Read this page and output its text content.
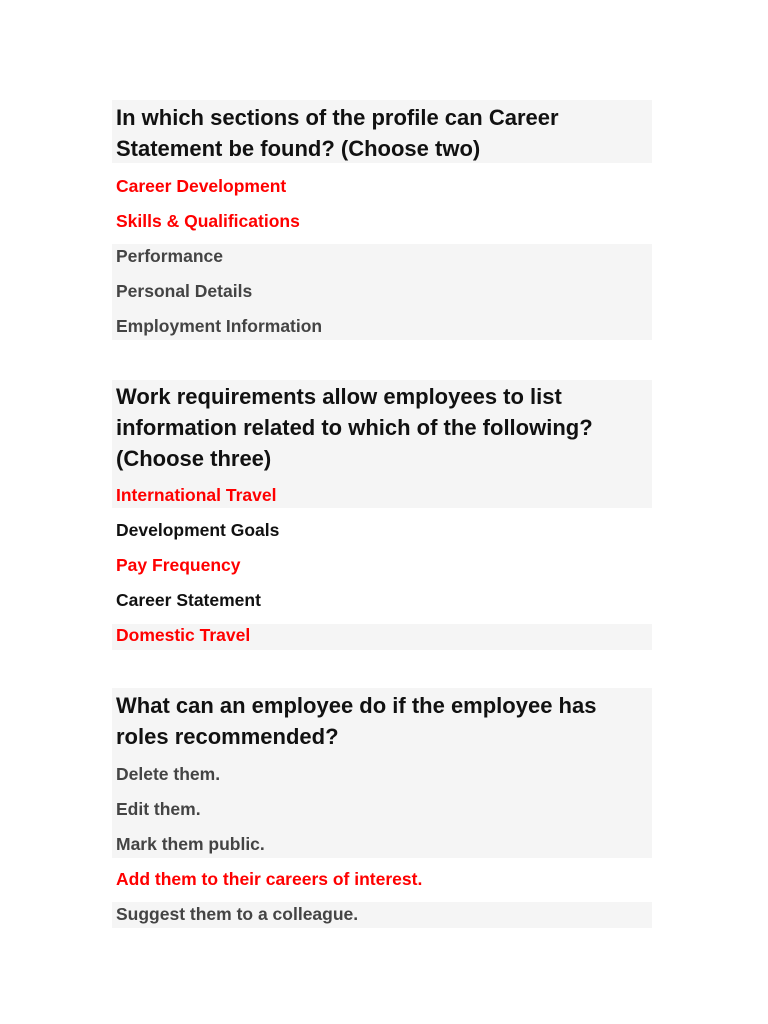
In which sections of the profile can Career Statement be found? (Choose two)
Career Development
Skills & Qualifications
Performance
Personal Details
Employment Information
Work requirements allow employees to list information related to which of the following? (Choose three)
International Travel
Development Goals
Pay Frequency
Career Statement
Domestic Travel
What can an employee do if the employee has roles recommended?
Delete them.
Edit them.
Mark them public.
Add them to their careers of interest.
Suggest them to a colleague.
